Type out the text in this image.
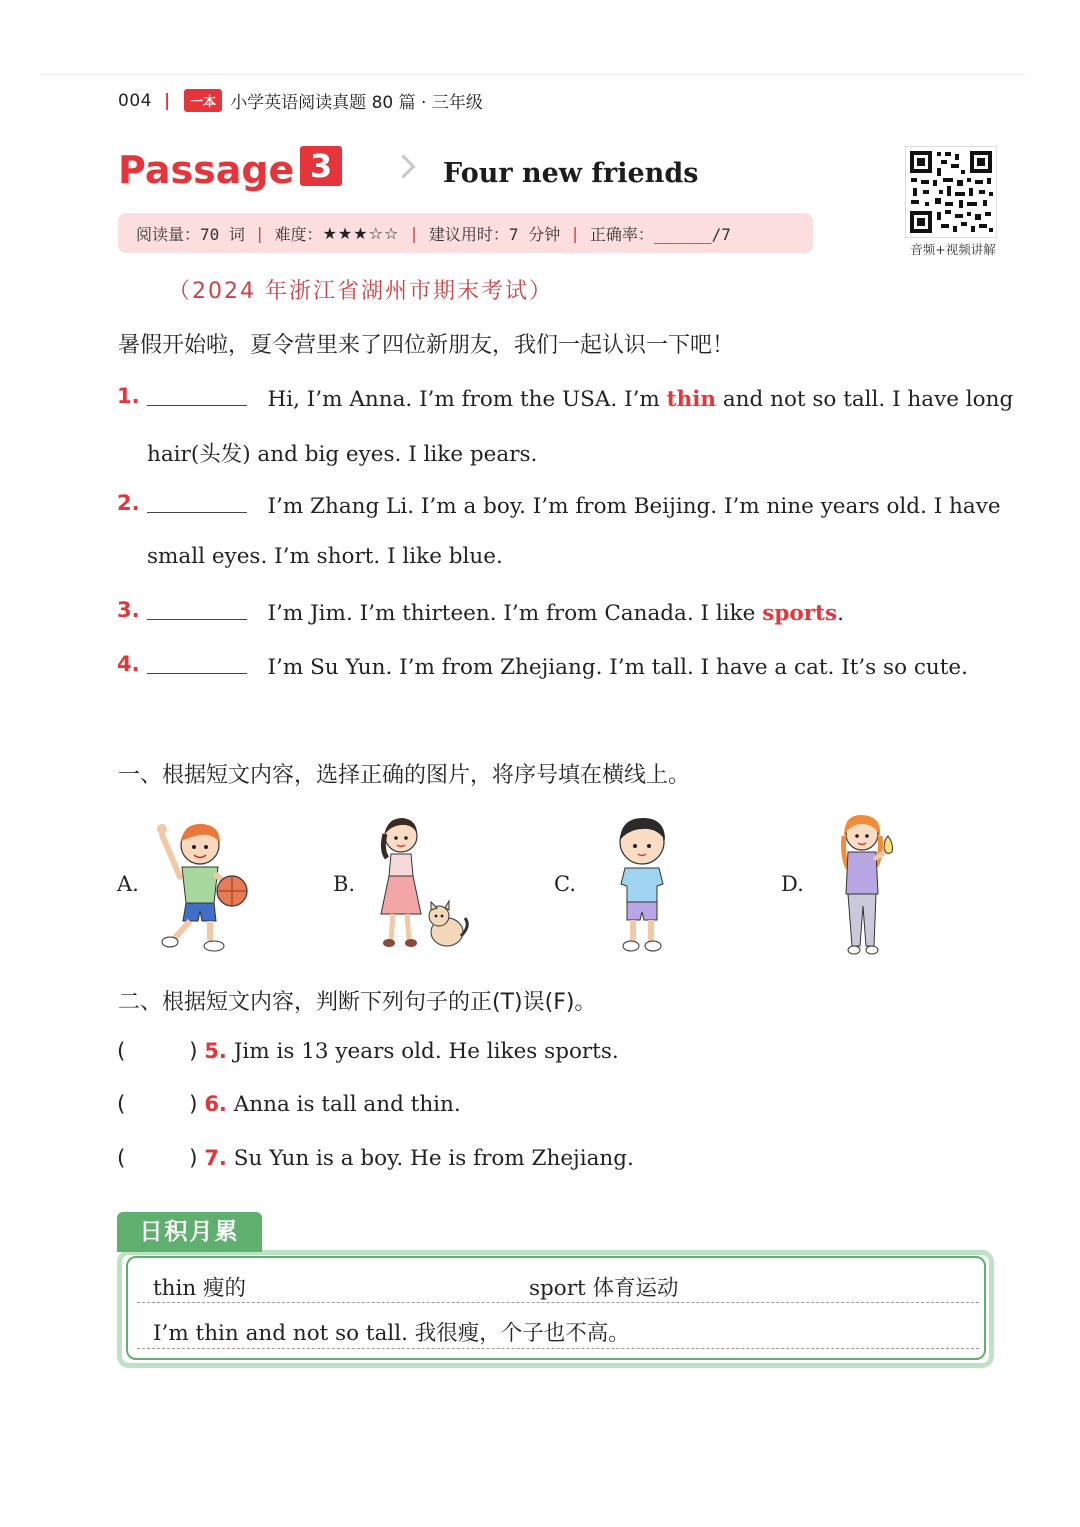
004 |	一本 小学英语阅读真题 80 篇 · 三年级
Passage 3	Four new friends
音频+视频讲解
阅读量：70 词 | 难度： ★★★ ☆☆ | 建议用时：7 分钟 | 正确率：______/7
（2024 年浙江省湖州市期末考试）
暑假开始啦，夏令营里来了四位新朋友，我们一起认识一下吧！
1.	Hi, I’m Anna. I’m from the USA. I’m thin and not so tall. I have long
hair(头发) and big eyes. I like pears.
2.	I’m Zhang Li. I’m a boy. I’m from Beijing. I’m nine years old. I have
small eyes. I’m short. I like blue.
3.	I’m Jim. I’m thirteen. I’m from Canada. I like sports.
4.	I’m Su Yun. I’m from Zhejiang. I’m tall. I have a cat. It’s so cute.
一、根据短文内容，选择正确的图片，将序号填在横线上。
A.	B.	C.	D.
二、根据短文内容，判断下列句子的正(T)误(F)。
(	) 5. Jim is 13 years old. He likes sports.
(	) 6. Anna is tall and thin.
(	) 7. Su Yun is a boy. He is from Zhejiang.
日积月累
thin 瘦的	sport 体育运动
I’m thin and not so tall. 我很瘦，个子也不高。
